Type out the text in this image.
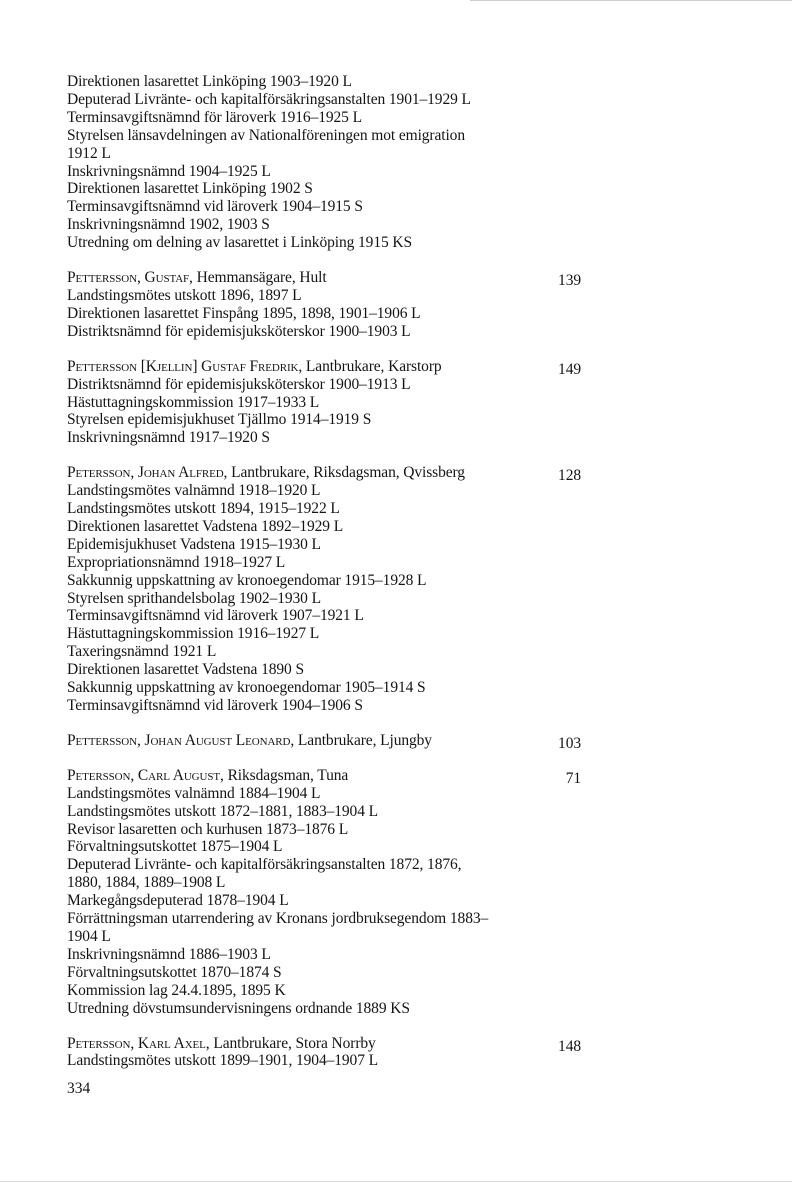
Direktionen lasarettet Linköping 1903–1920 L
Deputerad Livränte- och kapitalförsäkringsanstalten 1901–1929 L
Terminsavgiftsnämnd för läroverk 1916–1925 L
Styrelsen länsavdelningen av Nationalföreningen mot emigration
1912 L
Inskrivningsnämnd 1904–1925 L
Direktionen lasarettet Linköping 1902 S
Terminsavgiftsnämnd vid läroverk 1904–1915 S
Inskrivningsnämnd 1902, 1903 S
Utredning om delning av lasarettet i Linköping 1915 KS
Pettersson, Gustaf, Hemmansägare, Hult	139
Landstingsmötes utskott 1896, 1897 L
Direktionen lasarettet Finspång 1895, 1898, 1901–1906 L
Distriktsnämnd för epidemisjuksköterskor 1900–1903 L
Pettersson [Kjellin] Gustaf Fredrik, Lantbrukare, Karstorp	149
Distriktsnämnd för epidemisjuksköterskor 1900–1913 L
Hästuttagningskommission 1917–1933 L
Styrelsen epidemisjukhuset Tjällmo 1914–1919 S
Inskrivningsnämnd 1917–1920 S
Petersson, Johan Alfred, Lantbrukare, Riksdagsman, Qvissberg	128
Landstingsmötes valnämnd 1918–1920 L
Landstingsmötes utskott 1894, 1915–1922 L
Direktionen lasarettet Vadstena 1892–1929 L
Epidemisjukhuset Vadstena 1915–1930 L
Expropriationsnämnd 1918–1927 L
Sakkunnig uppskattning av kronoegendomar 1915–1928 L
Styrelsen sprithandelsbolag 1902–1930 L
Terminsavgiftsnämnd vid läroverk 1907–1921 L
Hästuttagningskommission 1916–1927 L
Taxeringsnämnd 1921 L
Direktionen lasarettet Vadstena 1890 S
Sakkunnig uppskattning av kronoegendomar 1905–1914 S
Terminsavgiftsnämnd vid läroverk 1904–1906 S
Pettersson, Johan August Leonard, Lantbrukare, Ljungby	103
Petersson, Carl August, Riksdagsman, Tuna	71
Landstingsmötes valnämnd 1884–1904 L
Landstingsmötes utskott 1872–1881, 1883–1904 L
Revisor lasaretten och kurhusen 1873–1876 L
Förvaltningsutskottet 1875–1904 L
Deputerad Livränte- och kapitalförsäkringsanstalten 1872, 1876,
1880, 1884, 1889–1908 L
Markegångsdeputerad 1878–1904 L
Förrättningsman utarrendering av Kronans jordbruksegendom 1883–
1904 L
Inskrivningsnämnd 1886–1903 L
Förvaltningsutskottet 1870–1874 S
Kommission lag 24.4.1895, 1895 K
Utredning dövstumsundervisningens ordnande 1889 KS
Petersson, Karl Axel, Lantbrukare, Stora Norrby	148
Landstingsmötes utskott 1899–1901, 1904–1907 L
334
